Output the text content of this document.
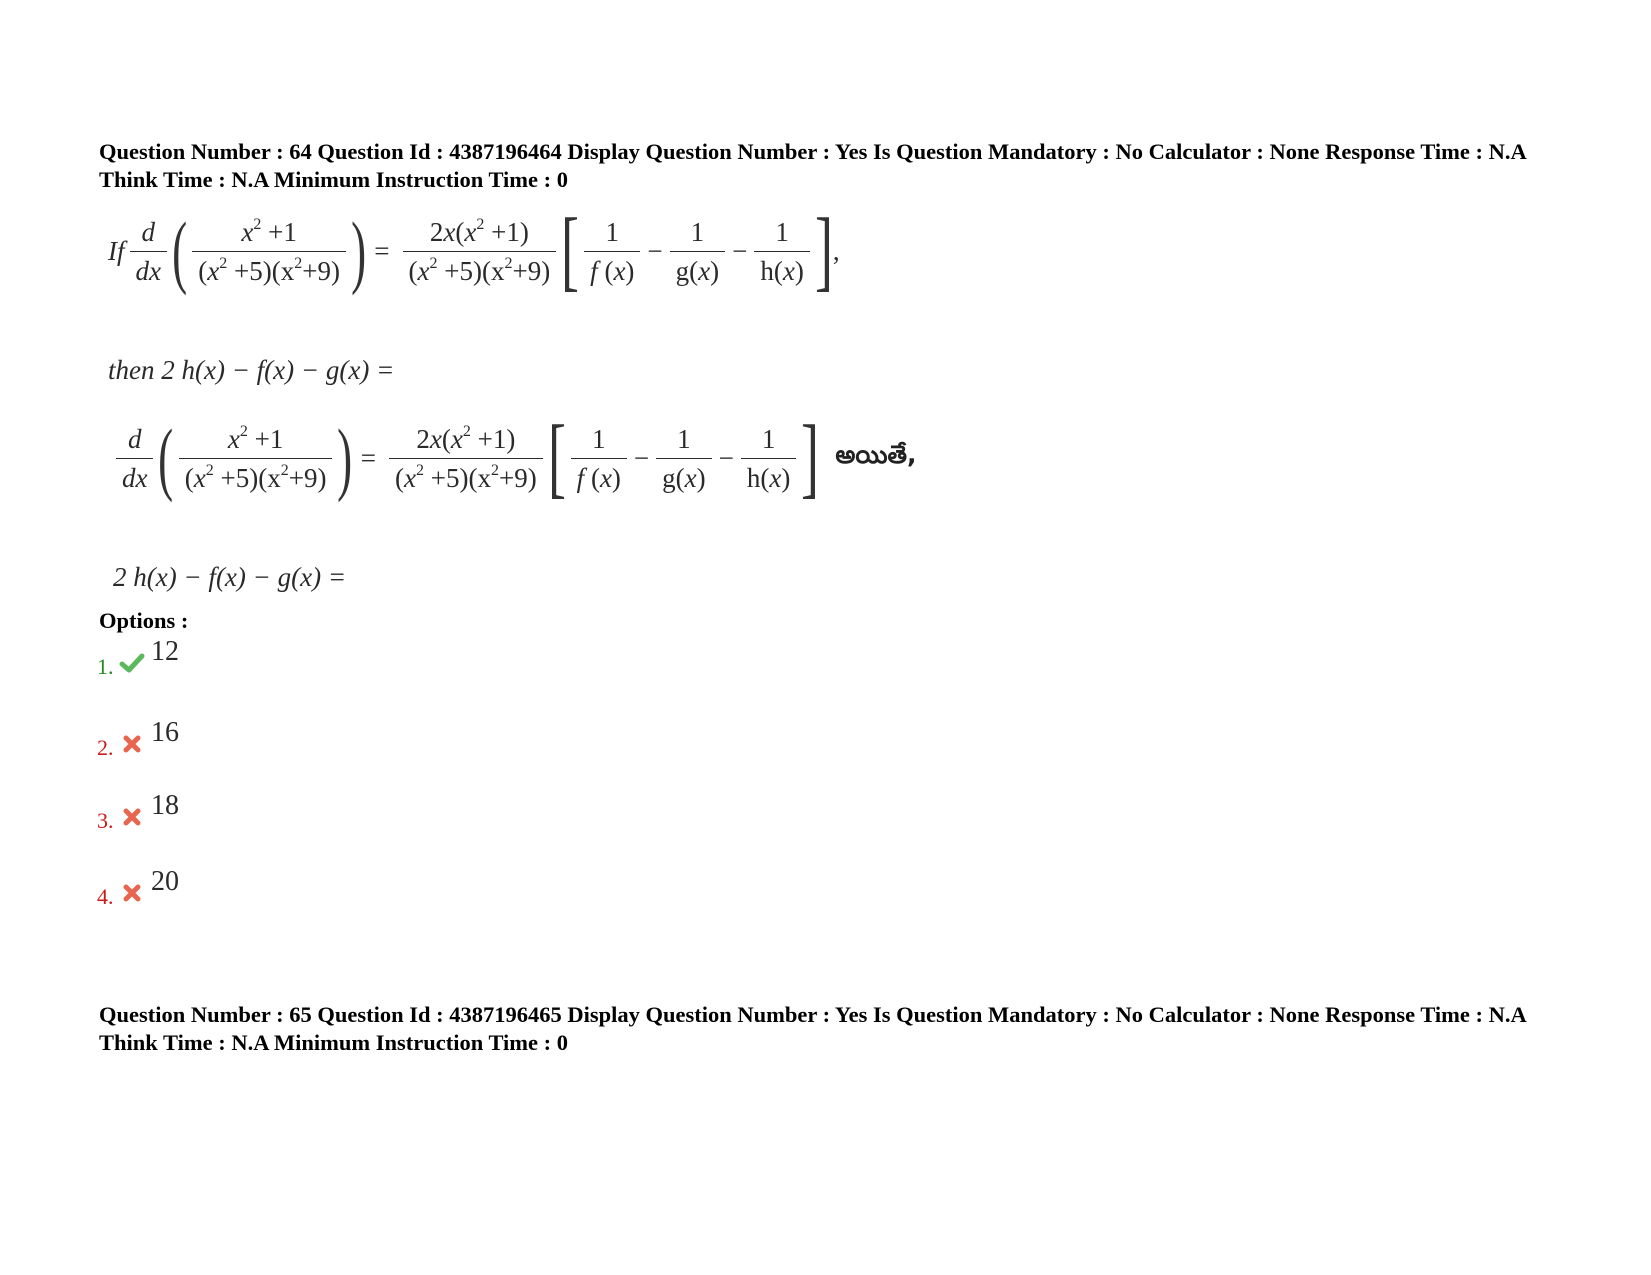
Question Number : 64 Question Id : 4387196464 Display Question Number : Yes Is Question Mandatory : No Calculator : None Response Time : N.A Think Time : N.A Minimum Instruction Time : 0
If $\frac{d}{dx}$ ( $\frac{x^2 +1}{(x^2 +5)(x^2+9)}$ ) = $\frac{2x(x^2 +1)}{(x^2 +5)(x^2+9)}$ [ $\frac{1}{f (x)} - \frac{1}{g(x)} - \frac{1}{h(x)}$ ] ,
then 2 h(x) − f(x) − g(x) =
$\frac{d}{dx}$ ( $\frac{x^2 +1}{(x^2 +5)(x^2+9)}$ ) = $\frac{2x(x^2 +1)}{(x^2 +5)(x^2+9)}$ [ $\frac{1}{f (x)} - \frac{1}{g(x)} - \frac{1}{h(x)}$ ] అయితే,
2 h(x) − f(x) − g(x) =
Options :
1. 12
2. 16
3. 18
4. 20
Question Number : 65 Question Id : 4387196465 Display Question Number : Yes Is Question Mandatory : No Calculator : None Response Time : N.A Think Time : N.A Minimum Instruction Time : 0
